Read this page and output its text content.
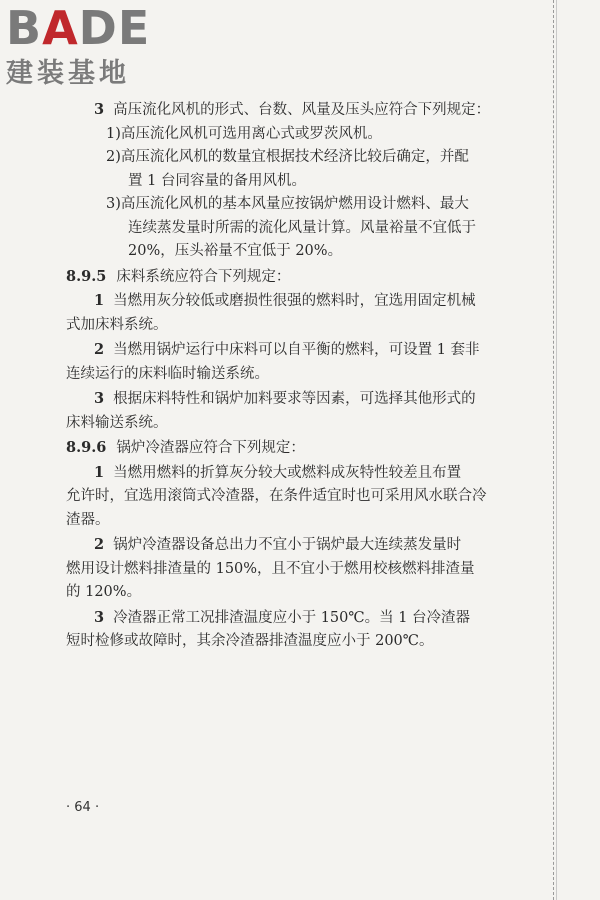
BADE
建装基地

3 高压流化风机的形式、台数、风量及压头应符合下列规定：

1)高压流化风机可选用离心式或罗茨风机。

2)高压流化风机的数量宜根据技术经济比较后确定，并配

置 1 台同容量的备用风机。

3)高压流化风机的基本风量应按锅炉燃用设计燃料、最大

连续蒸发量时所需的流化风量计算。风量裕量不宜低于

20%，压头裕量不宜低于 20%。

8.9.5 床料系统应符合下列规定：

1 当燃用灰分较低或磨损性很强的燃料时，宜选用固定机械

式加床料系统。

2 当燃用锅炉运行中床料可以自平衡的燃料，可设置 1 套非

连续运行的床料临时输送系统。

3 根据床料特性和锅炉加料要求等因素，可选择其他形式的

床料输送系统。

8.9.6 锅炉冷渣器应符合下列规定：

1 当燃用燃料的折算灰分较大或燃料成灰特性较差且布置

允许时，宜选用滚筒式冷渣器，在条件适宜时也可采用风水联合冷

渣器。

2 锅炉冷渣器设备总出力不宜小于锅炉最大连续蒸发量时

燃用设计燃料排渣量的 150%，且不宜小于燃用校核燃料排渣量

的 120%。

3 冷渣器正常工况排渣温度应小于 150℃。当 1 台冷渣器

短时检修或故障时，其余冷渣器排渣温度应小于 200℃。

· 64 ·
